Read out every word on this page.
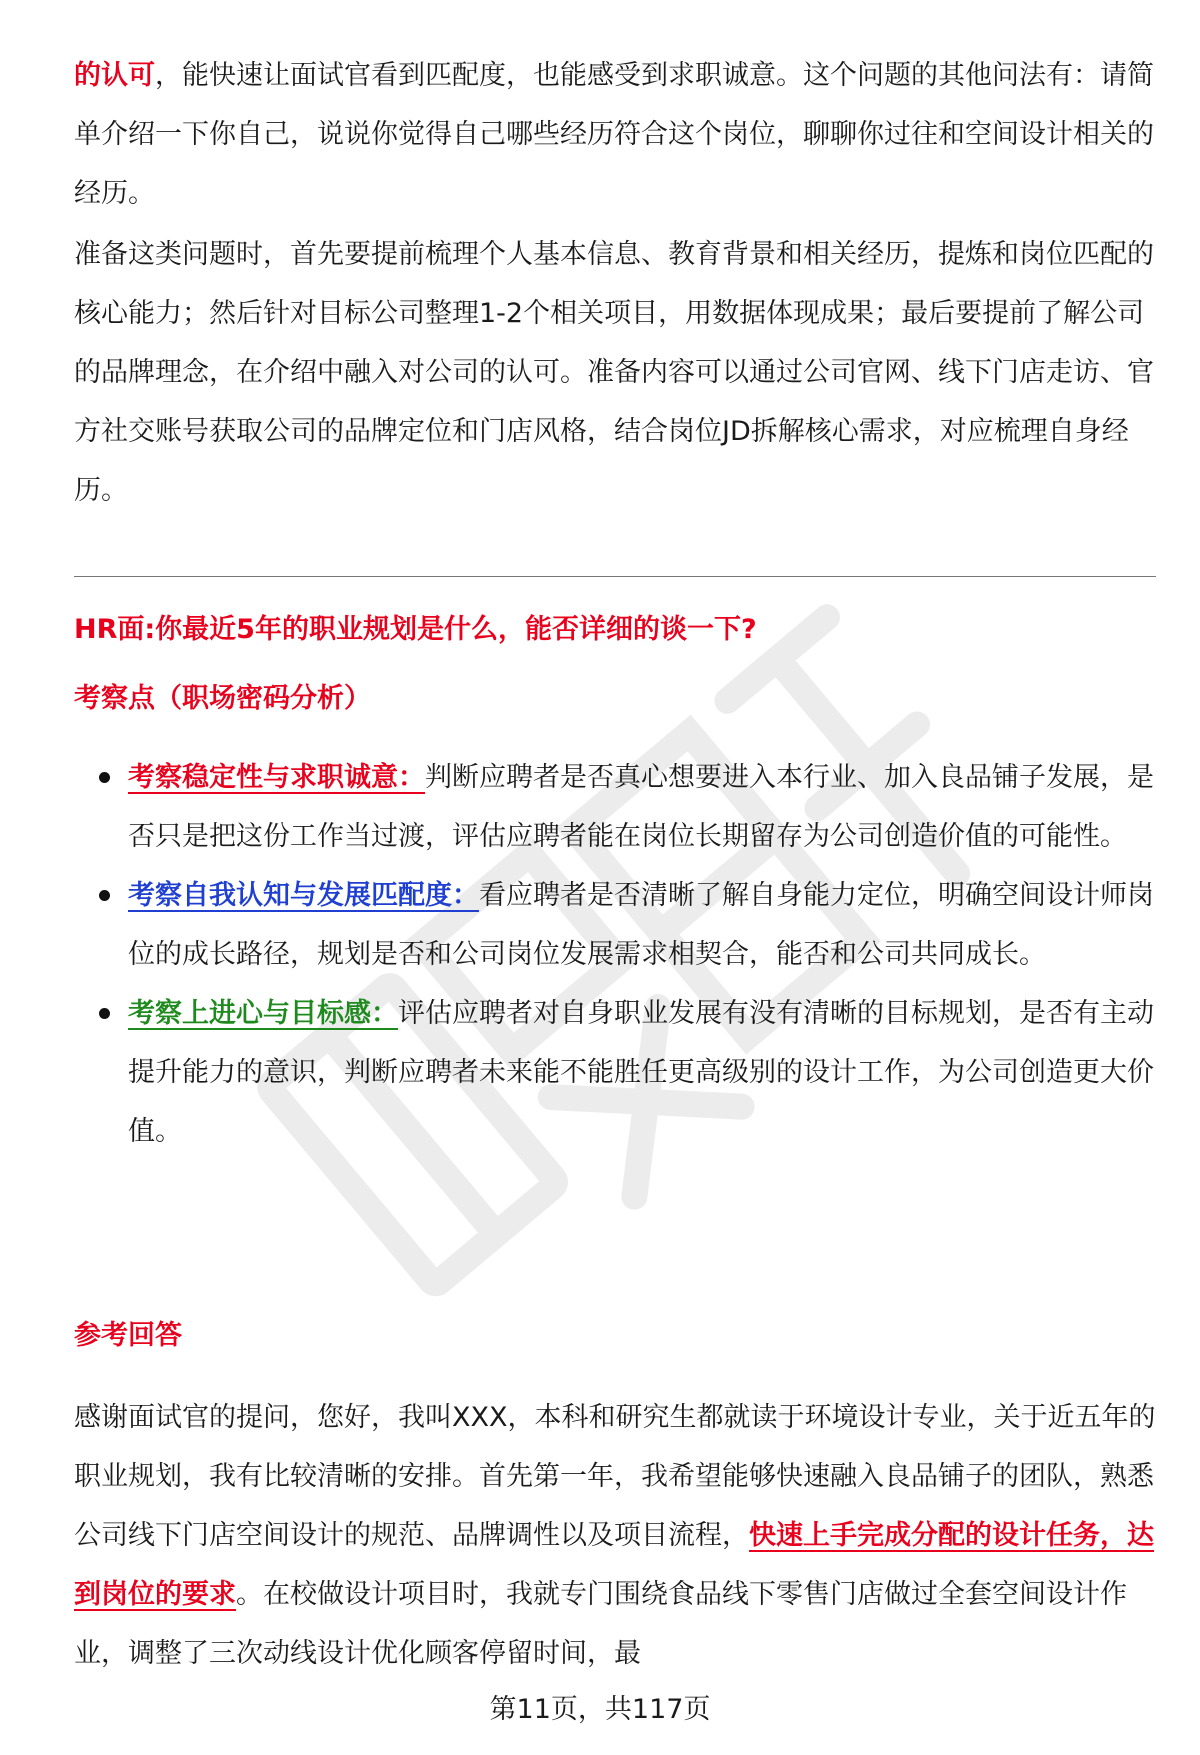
的认可，能快速让面试官看到匹配度，也能感受到求职诚意。这个问题的其他问法有：请简单介绍一下你自己，说说你觉得自己哪些经历符合这个岗位，聊聊你过往和空间设计相关的经历。

准备这类问题时，首先要提前梳理个人基本信息、教育背景和相关经历，提炼和岗位匹配的核心能力；然后针对目标公司整理1-2个相关项目，用数据体现成果；最后要提前了解公司的品牌理念，在介绍中融入对公司的认可。准备内容可以通过公司官网、线下门店走访、官方社交账号获取公司的品牌定位和门店风格，结合岗位JD拆解核心需求，对应梳理自身经历。

HR面:你最近5年的职业规划是什么，能否详细的谈一下?
考察点（职场密码分析）
考察稳定性与求职诚意：判断应聘者是否真心想要进入本行业、加入良品铺子发展，是否只是把这份工作当过渡，评估应聘者能在岗位长期留存为公司创造价值的可能性。
考察自我认知与发展匹配度：看应聘者是否清晰了解自身能力定位，明确空间设计师岗位的成长路径，规划是否和公司岗位发展需求相契合，能否和公司共同成长。
考察上进心与目标感：评估应聘者对自身职业发展有没有清晰的目标规划，是否有主动提升能力的意识，判断应聘者未来能不能胜任更高级别的设计工作，为公司创造更大价值。
参考回答

感谢面试官的提问，您好，我叫XXX，本科和研究生都就读于环境设计专业，关于近五年的职业规划，我有比较清晰的安排。首先第一年，我希望能够快速融入良品铺子的团队，熟悉公司线下门店空间设计的规范、品牌调性以及项目流程，快速上手完成分配的设计任务，达到岗位的要求。在校做设计项目时，我就专门围绕食品线下零售门店做过全套空间设计作业，调整了三次动线设计优化顾客停留时间，最

第11页，共117页
